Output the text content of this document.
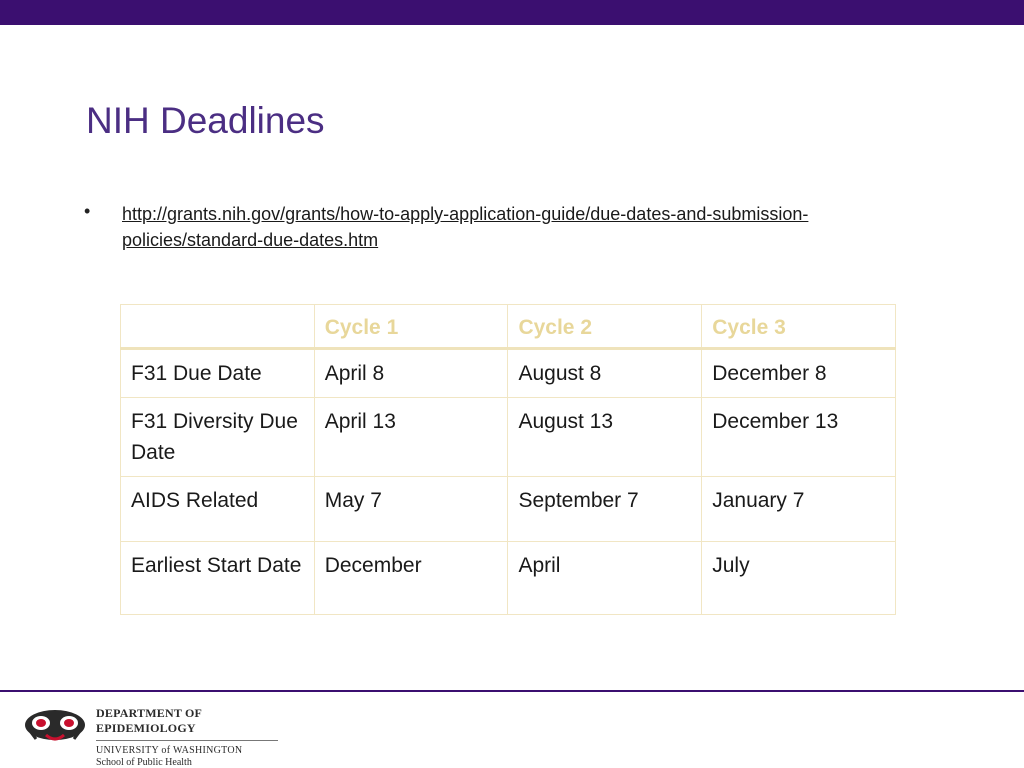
NIH Deadlines
• http://grants.nih.gov/grants/how-to-apply-application-guide/due-dates-and-submission-policies/standard-due-dates.htm
	Cycle 1	Cycle 2	Cycle 3
F31 Due Date	April 8	August 8	December 8
F31 Diversity Due Date	April 13	August 13	December 13
AIDS Related	May 7	September 7	January 7
Earliest Start Date	December	April	July
DEPARTMENT OF EPIDEMIOLOGY
UNIVERSITY of WASHINGTON
School of Public Health
